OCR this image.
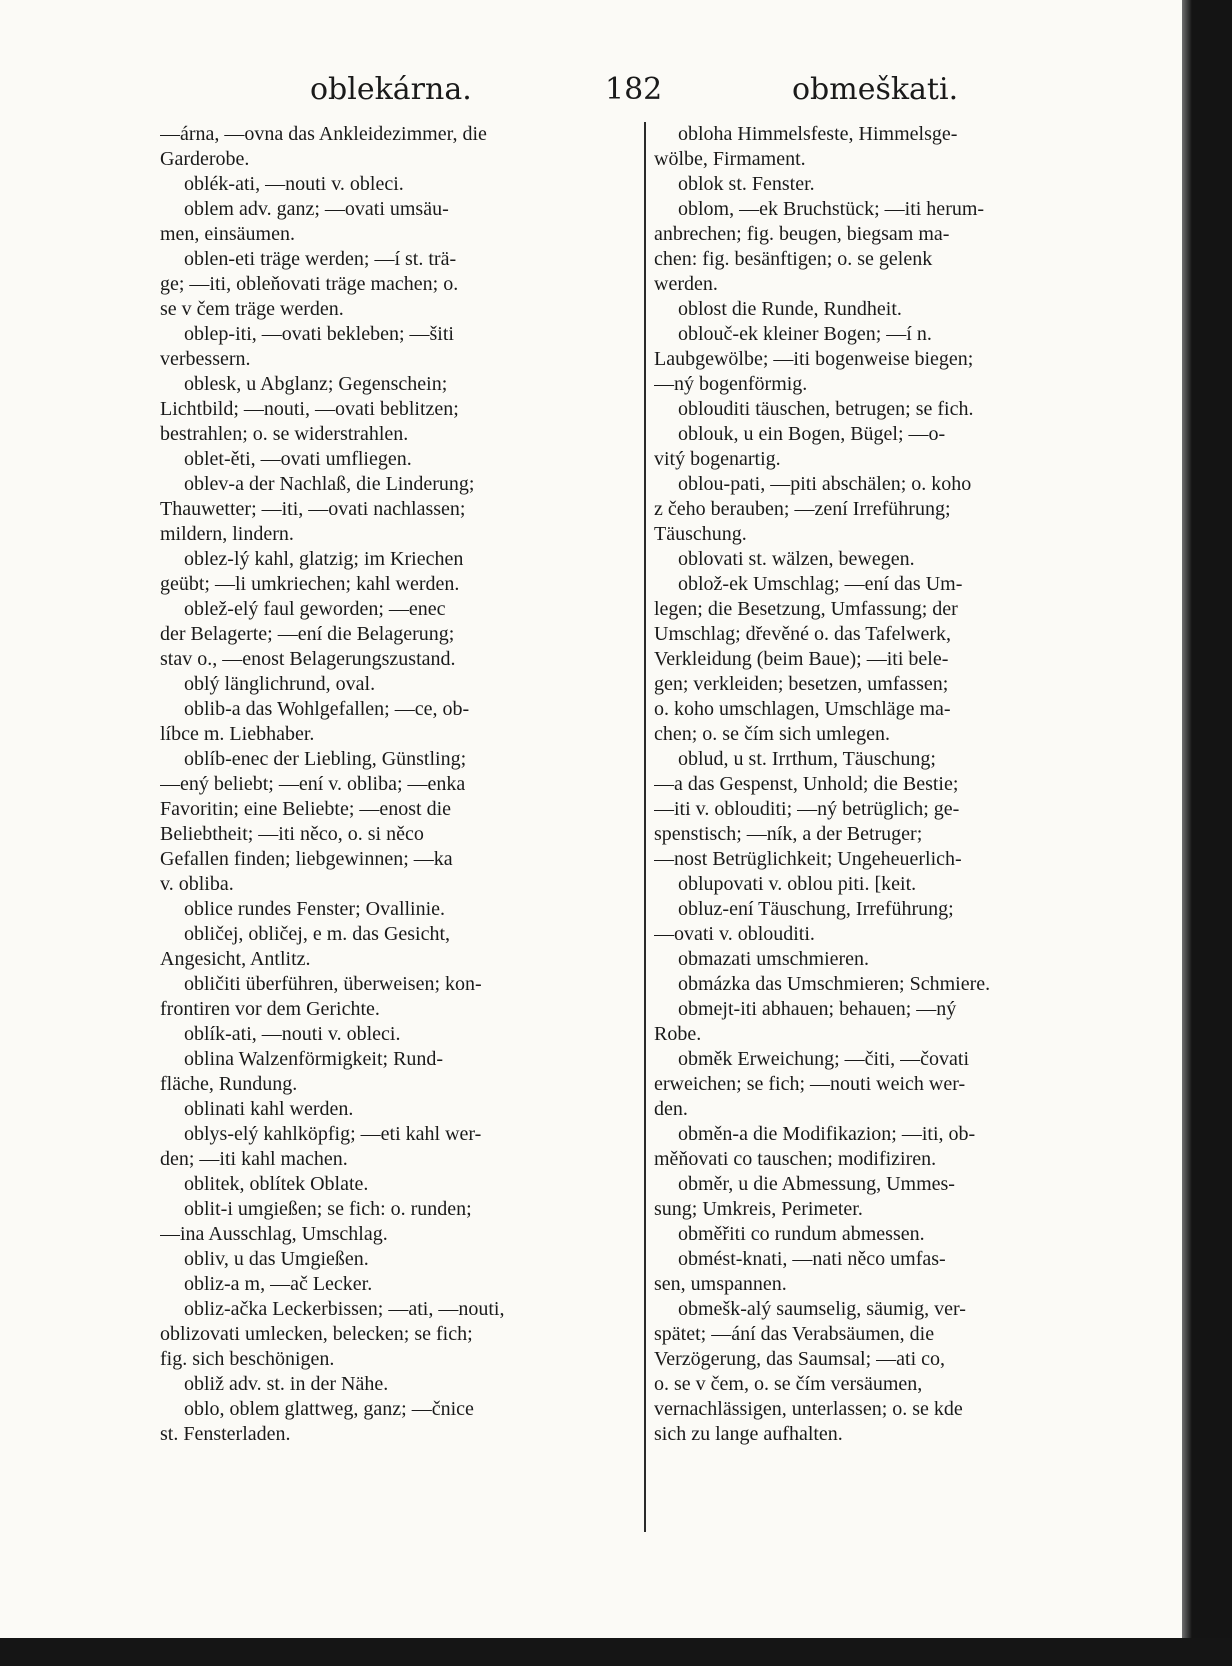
oblekárna.	182	obmeškati.
—árna, —ovna das Ankleidezimmer, die
Garderobe.
oblék-ati, —nouti v. obleci.
oblem adv. ganz; —ovati umsäu-
men, einsäumen.
oblen-eti träge werden; —í st. trä-
ge; —iti, obleňovati träge machen; o.
se v čem träge werden.
oblep-iti, —ovati bekleben; —šiti
verbessern.
oblesk, u Abglanz; Gegenschein;
Lichtbild; —nouti, —ovati beblitzen;
bestrahlen; o. se widerstrahlen.
oblet-ěti, —ovati umfliegen.
oblev-a der Nachlaß, die Linderung;
Thauwetter; —iti, —ovati nachlassen;
mildern, lindern.
oblez-lý kahl, glatzig; im Kriechen
geübt; —li umkriechen; kahl werden.
oblež-elý faul geworden; —enec
der Belagerte; —ení die Belagerung;
stav o., —enost Belagerungszustand.
oblý länglichrund, oval.
oblib-a das Wohlgefallen; —ce, ob-
líbce m. Liebhaber.
oblíb-enec der Liebling, Günstling;
—ený beliebt; —ení v. obliba; —enka
Favoritin; eine Beliebte; —enost die
Beliebtheit; —iti něco, o. si něco
Gefallen finden; liebgewinnen; —ka
v. obliba.
oblice rundes Fenster; Ovallinie.
obličej, obličej, e m. das Gesicht,
Angesicht, Antlitz.
obličiti überführen, überweisen; kon-
frontiren vor dem Gerichte.
oblík-ati, —nouti v. obleci.
oblina Walzenförmigkeit; Rund-
fläche, Rundung.
oblinati kahl werden.
oblys-elý kahlköpfig; —eti kahl wer-
den; —iti kahl machen.
oblitek, oblítek Oblate.
oblit-i umgießen; se fich: o. runden;
—ina Ausschlag, Umschlag.
obliv, u das Umgießen.
obliz-a m, —ač Lecker.
obliz-ačka Leckerbissen; —ati, —nouti,
oblizovati umlecken, belecken; se fich;
fig. sich beschönigen.
obliž adv. st. in der Nähe.
oblo, oblem glattweg, ganz; —čnice
st. Fensterladen.
obloha Himmelsfeste, Himmelsge-
wölbe, Firmament.
oblok st. Fenster.
oblom, —ek Bruchstück; —iti herum-
anbrechen; fig. beugen, biegsam ma-
chen: fig. besänftigen; o. se gelenk
werden.
oblost die Runde, Rundheit.
oblouč-ek kleiner Bogen; —í n.
Laubgewölbe; —iti bogenweise biegen;
—ný bogenförmig.
oblouditi täuschen, betrugen; se fich.
oblouk, u ein Bogen, Bügel; —o-
vitý bogenartig.
oblou-pati, —piti abschälen; o. koho
z čeho berauben; —zení Irreführung;
Täuschung.
oblovati st. wälzen, bewegen.
oblož-ek Umschlag; —ení das Um-
legen; die Besetzung, Umfassung; der
Umschlag; dřevěné o. das Tafelwerk,
Verkleidung (beim Baue); —iti bele-
gen; verkleiden; besetzen, umfassen;
o. koho umschlagen, Umschläge ma-
chen; o. se čím sich umlegen.
oblud, u st. Irrthum, Täuschung;
—a das Gespenst, Unhold; die Bestie;
—iti v. oblouditi; —ný betrüglich; ge-
spenstisch; —ník, a der Betruger;
—nost Betrüglichkeit; Ungeheuerlich-
oblupovati v. oblou piti. [keit.
obluz-ení Täuschung, Irreführung;
—ovati v. oblouditi.
obmazati umschmieren.
obmázka das Umschmieren; Schmiere.
obmejt-iti abhauen; behauen; —ný
Robe.
obměk Erweichung; —čiti, —čovati
erweichen; se fich; —nouti weich wer-
den.
obměn-a die Modifikazion; —iti, ob-
měňovati co tauschen; modifiziren.
obměr, u die Abmessung, Ummes-
sung; Umkreis, Perimeter.
obměřiti co rundum abmessen.
obmést-knati, —nati něco umfas-
sen, umspannen.
obmešk-alý saumselig, säumig, ver-
spätet; —ání das Verabsäumen, die
Verzögerung, das Saumsal; —ati co,
o. se v čem, o. se čím versäumen,
vernachlässigen, unterlassen; o. se kde
sich zu lange aufhalten.
